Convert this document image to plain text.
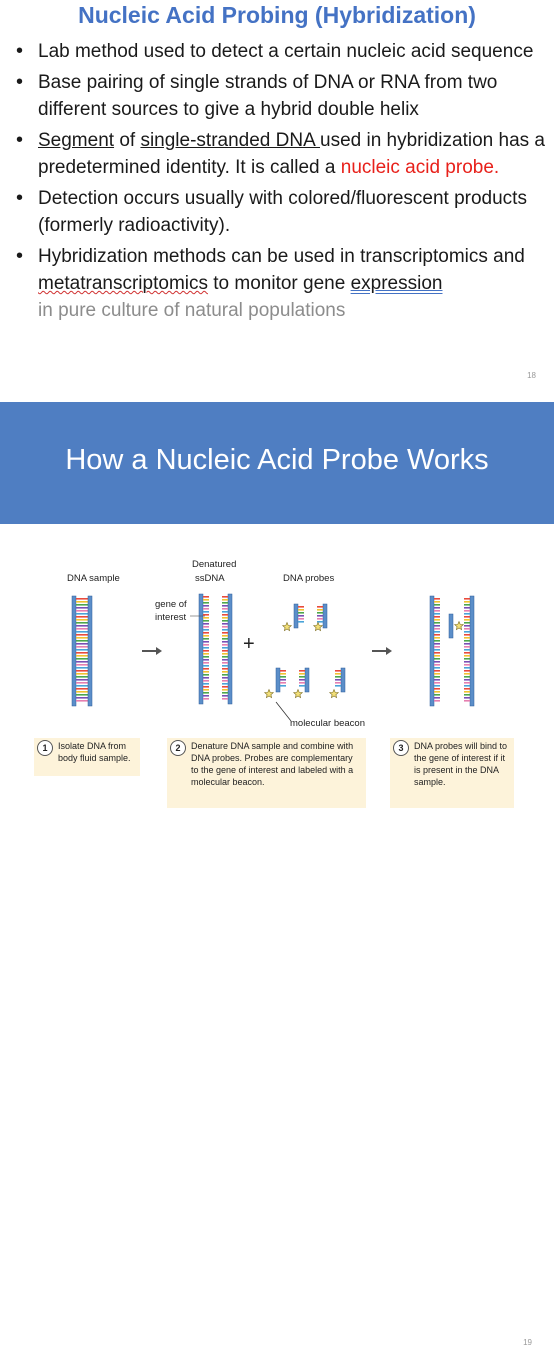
Nucleic Acid Probing (Hybridization)
• Lab method used to detect a certain nucleic acid sequence
• Base pairing of single strands of DNA or RNA from two different sources to give a hybrid double helix
• Segment of single-stranded DNA used in hybridization has a predetermined identity. It is called a nucleic acid probe.
• Detection occurs usually with colored/fluorescent products (formerly radioactivity).
• Hybridization methods can be used in transcriptomics and metatranscriptomics to monitor gene expression
in pure culture of natural populations
18
How a Nucleic Acid Probe Works
DNA sample
Denatured
ssDNA	DNA probes
gene of
interest
molecular beacon
+
1	Isolate DNA from body fluid sample.
2	Denature DNA sample and combine with DNA probes. Probes are complementary to the gene of interest and labeled with a molecular beacon.
3	DNA probes will bind to the gene of interest if it is present in the DNA sample.
19
